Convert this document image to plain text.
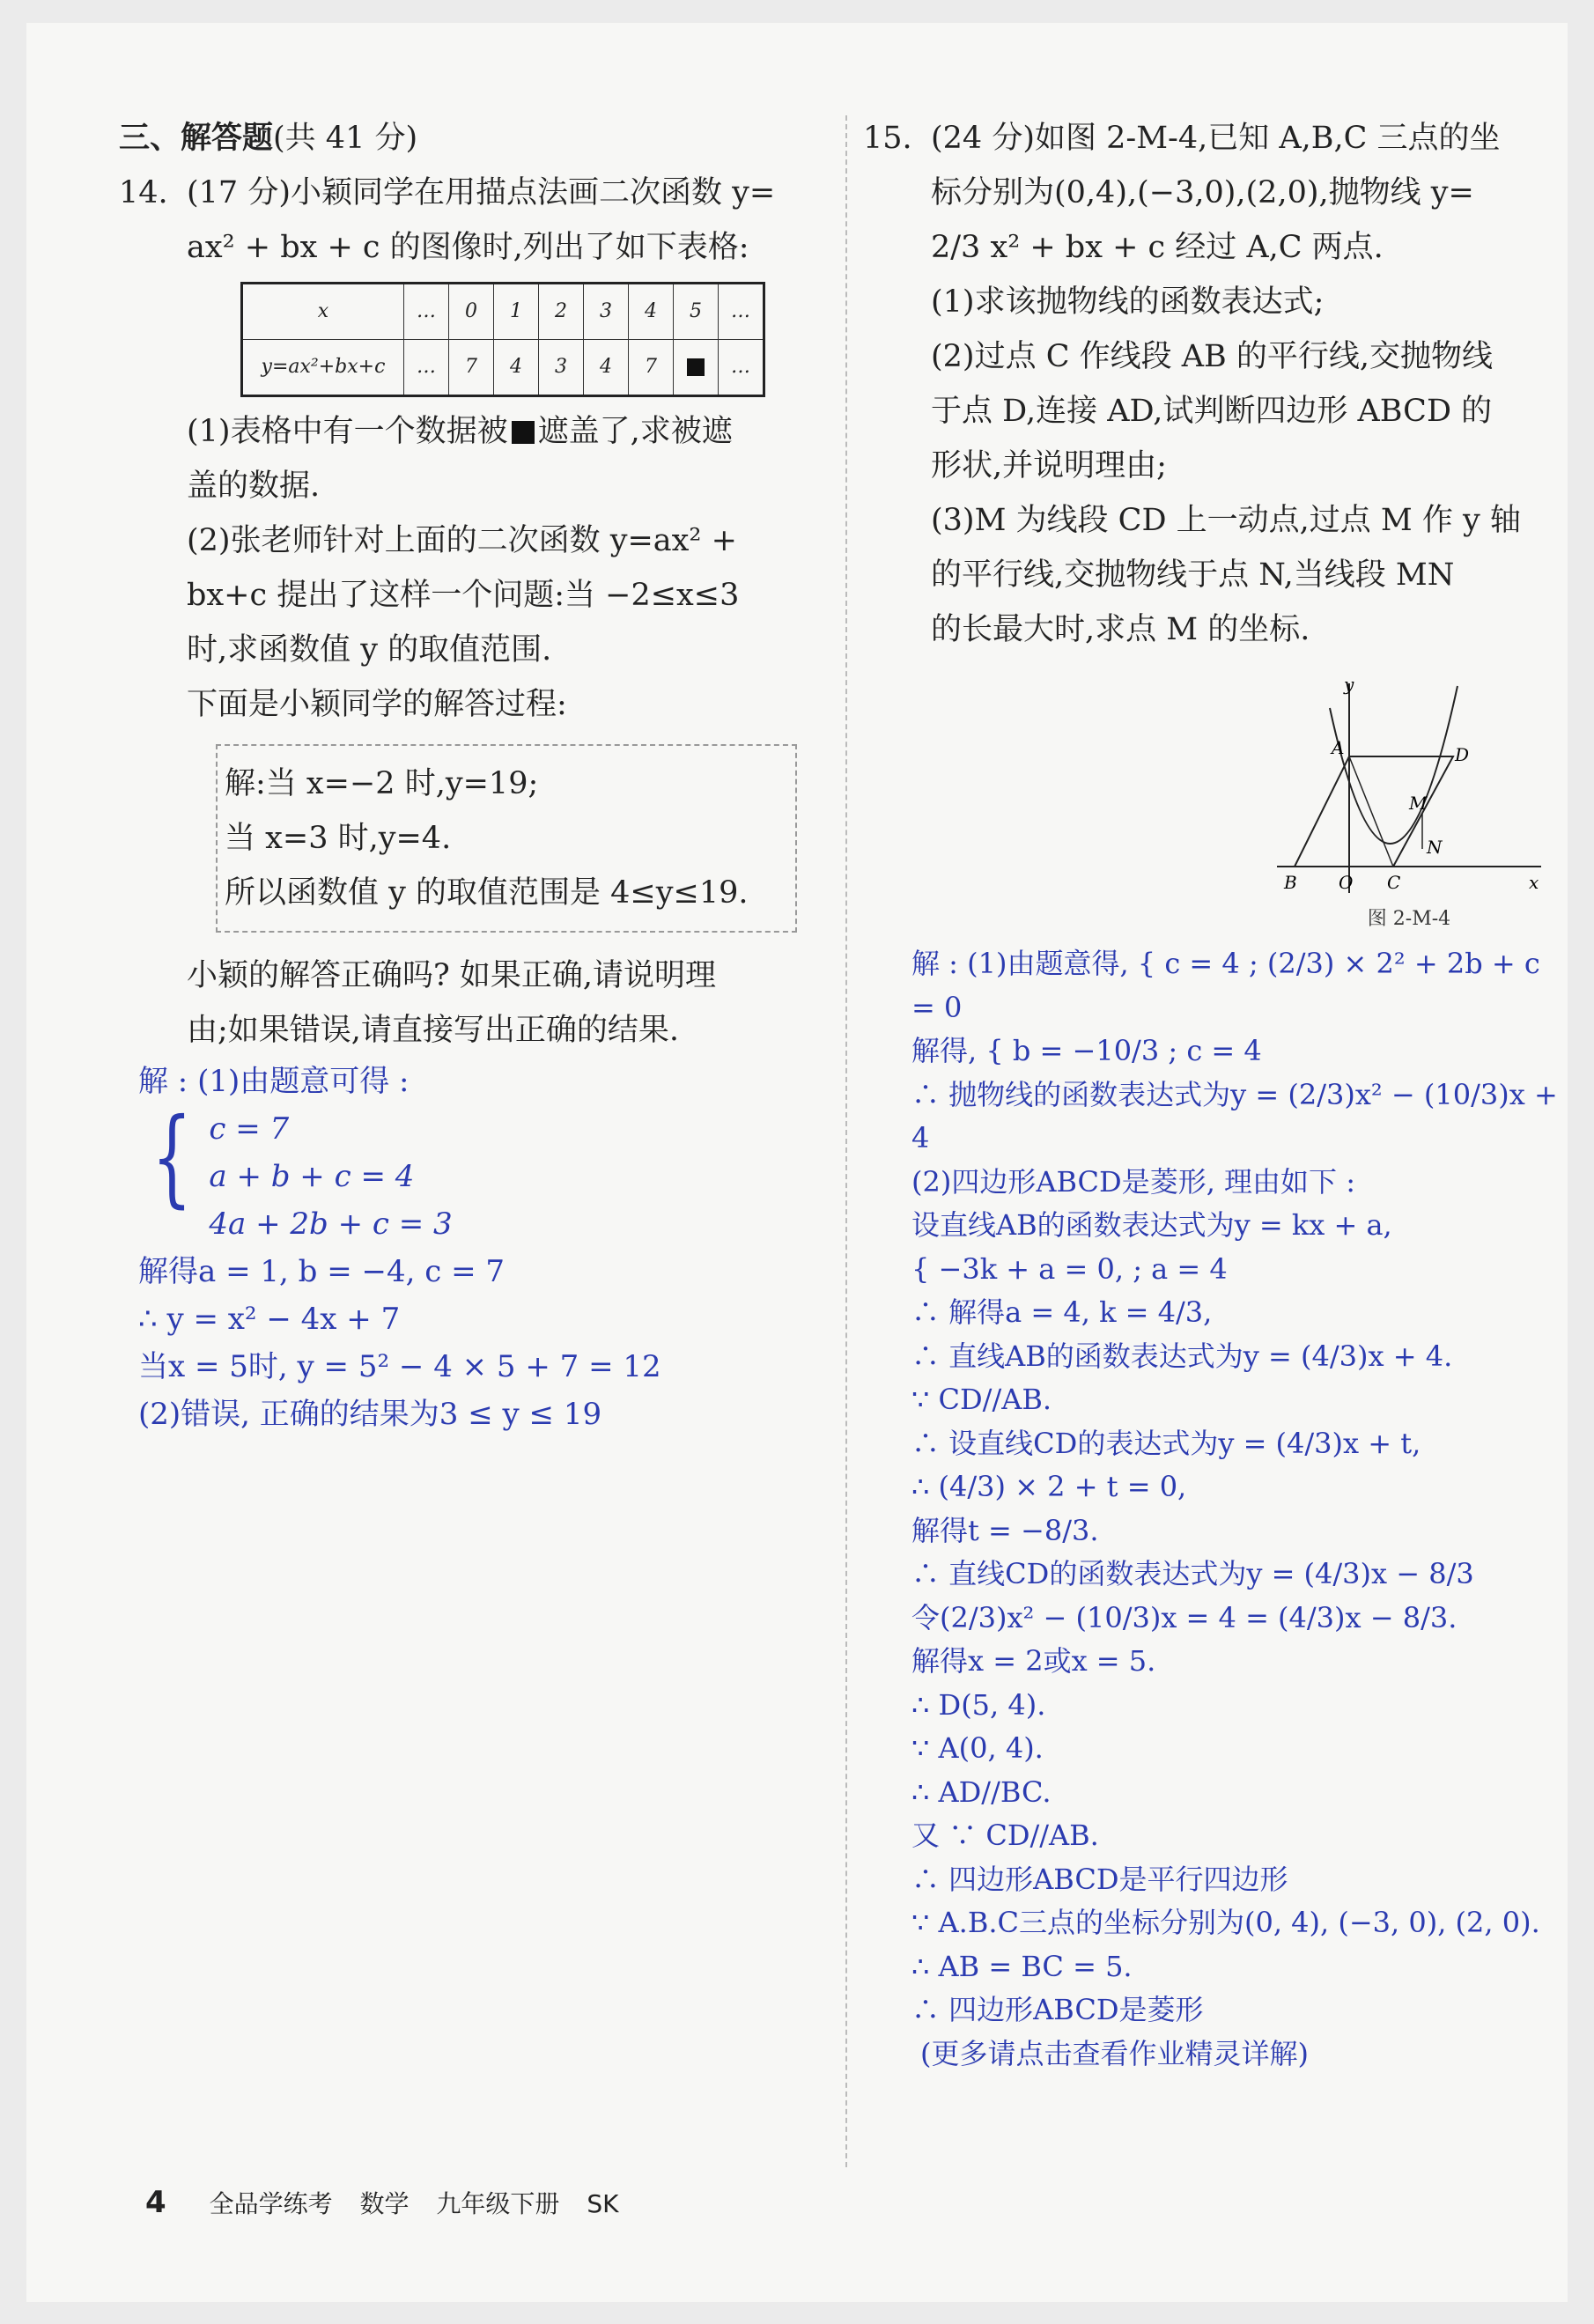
三、解答题(共 41 分)

14. (17 分)小颖同学在用描点法画二次函数 y=

ax² + bx + c 的图像时,列出了如下表格:

x	…	0	1	2	3	4	5	…
y=ax²+bx+c	…	7	4	3	4	7		…

(1)表格中有一个数据被 遮盖了,求被遮

盖的数据.

(2)张老师针对上面的二次函数 y=ax² +

bx+c 提出了这样一个问题:当 −2≤x≤3

时,求函数值 y 的取值范围.

下面是小颖同学的解答过程:

解:当 x=−2 时,y=19;

当 x=3 时,y=4.

所以函数值 y 的取值范围是 4≤y≤19.

小颖的解答正确吗? 如果正确,请说明理

由;如果错误,请直接写出正确的结果.

解 : (1)由题意可得 :

{ c = 7
a + b + c = 4
4a + 2b + c = 3

解得a = 1, b = −4, c = 7

∴ y = x² − 4x + 7

当x = 5时, y = 5² − 4 × 5 + 7 = 12

(2)错误, 正确的结果为3 ≤ y ≤ 19

15. (24 分)如图 2-M-4,已知 A,B,C 三点的坐

标分别为(0,4),(−3,0),(2,0),抛物线 y=

2/3 x² + bx + c 经过 A,C 两点.

(1)求该抛物线的函数表达式;

(2)过点 C 作线段 AB 的平行线,交抛物线

于点 D,连接 AD,试判断四边形 ABCD 的

形状,并说明理由;

(3)M 为线段 CD 上一动点,过点 M 作 y 轴

的平行线,交抛物线于点 N,当线段 MN

的长最大时,求点 M 的坐标.

y
A	D
M
N
B O C	x
图 2-M-4

解 : (1)由题意得, { c = 4 ; (2/3) × 2² + 2b + c = 0

解得, { b = −10/3 ; c = 4

∴ 抛物线的函数表达式为y = (2/3)x² − (10/3)x + 4

(2)四边形ABCD是菱形, 理由如下 :

设直线AB的函数表达式为y = kx + a,

{ −3k + a = 0, ; a = 4

∴ 解得a = 4, k = 4/3,

∴ 直线AB的函数表达式为y = (4/3)x + 4.

∵ CD//AB.

∴ 设直线CD的表达式为y = (4/3)x + t,

∴ (4/3) × 2 + t = 0,

解得t = −8/3.

∴ 直线CD的函数表达式为y = (4/3)x − 8/3

令(2/3)x² − (10/3)x = 4 = (4/3)x − 8/3.

解得x = 2或x = 5.

∴ D(5, 4).

∵ A(0, 4).

∴ AD//BC.

又 ∵ CD//AB.

∴ 四边形ABCD是平行四边形

∵ A.B.C三点的坐标分别为(0, 4), (−3, 0), (2, 0).

∴ AB = BC = 5.

∴ 四边形ABCD是菱形

(更多请点击查看作业精灵详解)

4 全品学练考 数学 九年级下册 SK
